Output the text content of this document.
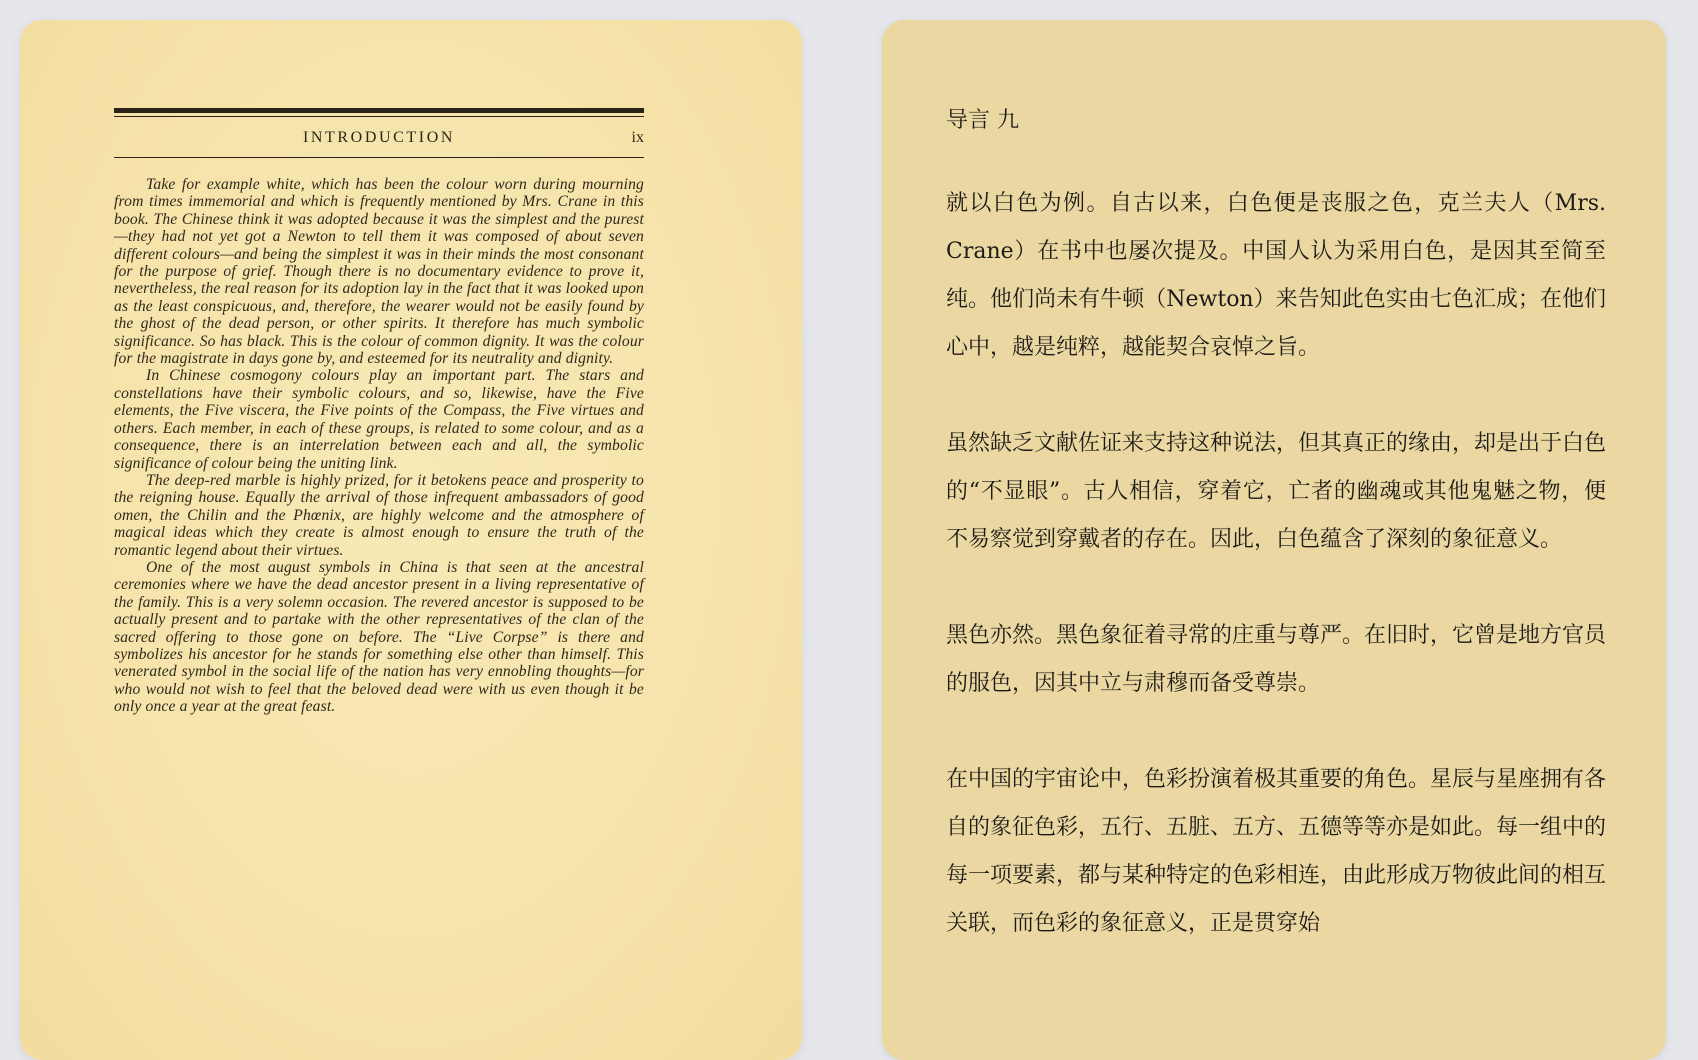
INTRODUCTION	ix

Take for example white, which has been the colour worn during mourning from times immemorial and which is frequently mentioned by Mrs. Crane in this book. The Chinese think it was adopted because it was the simplest and the purest—they had not yet got a Newton to tell them it was composed of about seven different colours—and being the simplest it was in their minds the most consonant for the purpose of grief. Though there is no documentary evidence to prove it, nevertheless, the real reason for its adoption lay in the fact that it was looked upon as the least conspicuous, and, therefore, the wearer would not be easily found by the ghost of the dead person, or other spirits. It therefore has much symbolic significance. So has black. This is the colour of common dignity. It was the colour for the magistrate in days gone by, and esteemed for its neutrality and dignity.

In Chinese cosmogony colours play an important part. The stars and constellations have their symbolic colours, and so, likewise, have the Five elements, the Five viscera, the Five points of the Compass, the Five virtues and others. Each member, in each of these groups, is related to some colour, and as a consequence, there is an interrelation between each and all, the symbolic significance of colour being the uniting link.

The deep-red marble is highly prized, for it betokens peace and prosperity to the reigning house. Equally the arrival of those infrequent ambassadors of good omen, the Chilin and the Phœnix, are highly welcome and the atmosphere of magical ideas which they create is almost enough to ensure the truth of the romantic legend about their virtues.

One of the most august symbols in China is that seen at the ancestral ceremonies where we have the dead ancestor present in a living representative of the family. This is a very solemn occasion. The revered ancestor is supposed to be actually present and to partake with the other representatives of the clan of the sacred offering to those gone on before. The “Live Corpse” is there and symbolizes his ancestor for he stands for something else other than himself. This venerated symbol in the social life of the nation has very ennobling thoughts—for who would not wish to feel that the beloved dead were with us even though it be only once a year at the great feast.

导言 九

就以白色为例。自古以来，白色便是丧服之色，克兰夫人（Mrs. Crane）在书中也屡次提及。中国人认为采用白色，是因其至简至纯。他们尚未有牛顿（Newton）来告知此色实由七色汇成；在他们心中，越是纯粹，越能契合哀悼之旨。

虽然缺乏文献佐证来支持这种说法，但其真正的缘由，却是出于白色的“不显眼”。古人相信，穿着它，亡者的幽魂或其他鬼魅之物，便不易察觉到穿戴者的存在。因此，白色蕴含了深刻的象征意义。

黑色亦然。黑色象征着寻常的庄重与尊严。在旧时，它曾是地方官员的服色，因其中立与肃穆而备受尊崇。

在中国的宇宙论中，色彩扮演着极其重要的角色。星辰与星座拥有各自的象征色彩，五行、五脏、五方、五德等等亦是如此。每一组中的每一项要素，都与某种特定的色彩相连，由此形成万物彼此间的相互关联，而色彩的象征意义，正是贯穿始
